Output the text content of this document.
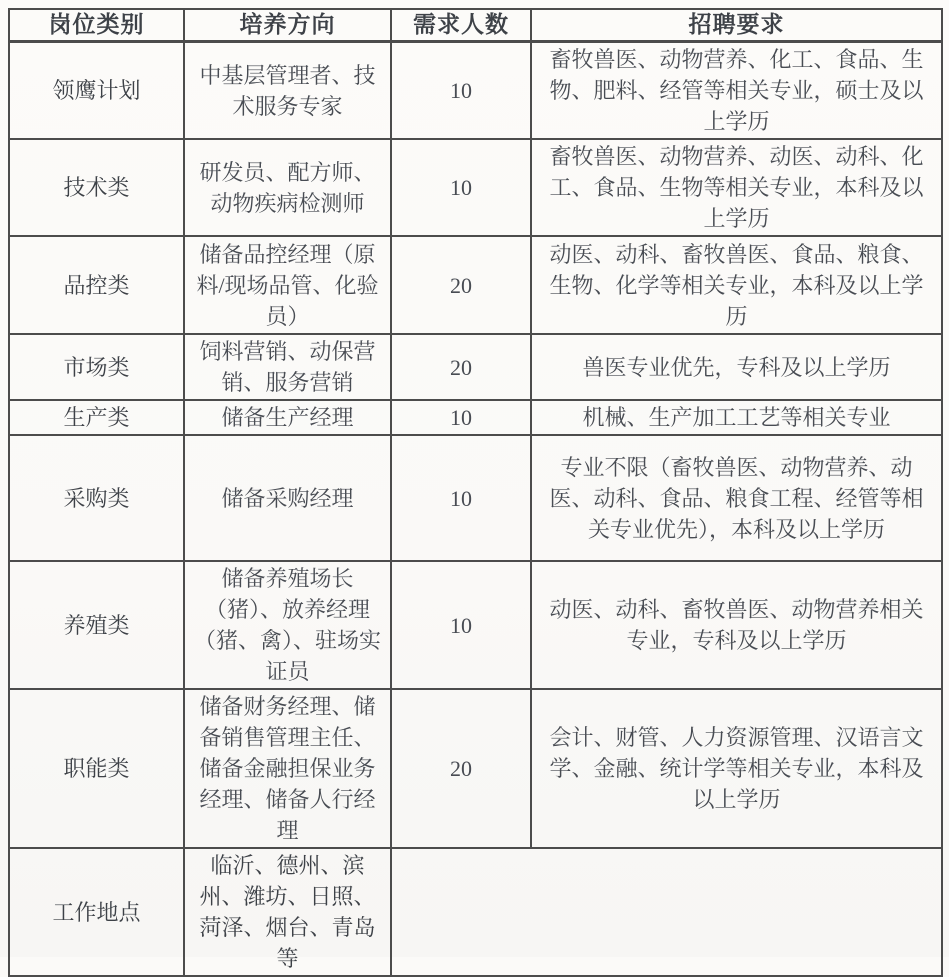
岗位类别	培养方向	需求人数	招聘要求
领鹰计划	中基层管理者、技术服务专家	10	畜牧兽医、动物营养、化工、食品、生物、肥料、经管等相关专业，硕士及以上学历
技术类	研发员、配方师、动物疾病检测师	10	畜牧兽医、动物营养、动医、动科、化工、食品、生物等相关专业，本科及以上学历
品控类	储备品控经理（原料/现场品管、化验员）	20	动医、动科、畜牧兽医、食品、粮食、生物、化学等相关专业，本科及以上学历
市场类	饲料营销、动保营销、服务营销	20	兽医专业优先，专科及以上学历
生产类	储备生产经理	10	机械、生产加工工艺等相关专业
采购类	储备采购经理	10	专业不限（畜牧兽医、动物营养、动医、动科、食品、粮食工程、经管等相关专业优先），本科及以上学历
养殖类	储备养殖场长（猪）、放养经理（猪、禽）、驻场实证员	10	动医、动科、畜牧兽医、动物营养相关专业，专科及以上学历
职能类	储备财务经理、储备销售管理主任、储备金融担保业务经理、储备人行经理	20	会计、财管、人力资源管理、汉语言文学、金融、统计学等相关专业，本科及以上学历
工作地点	临沂、德州、滨州、潍坊、日照、菏泽、烟台、青岛等		
